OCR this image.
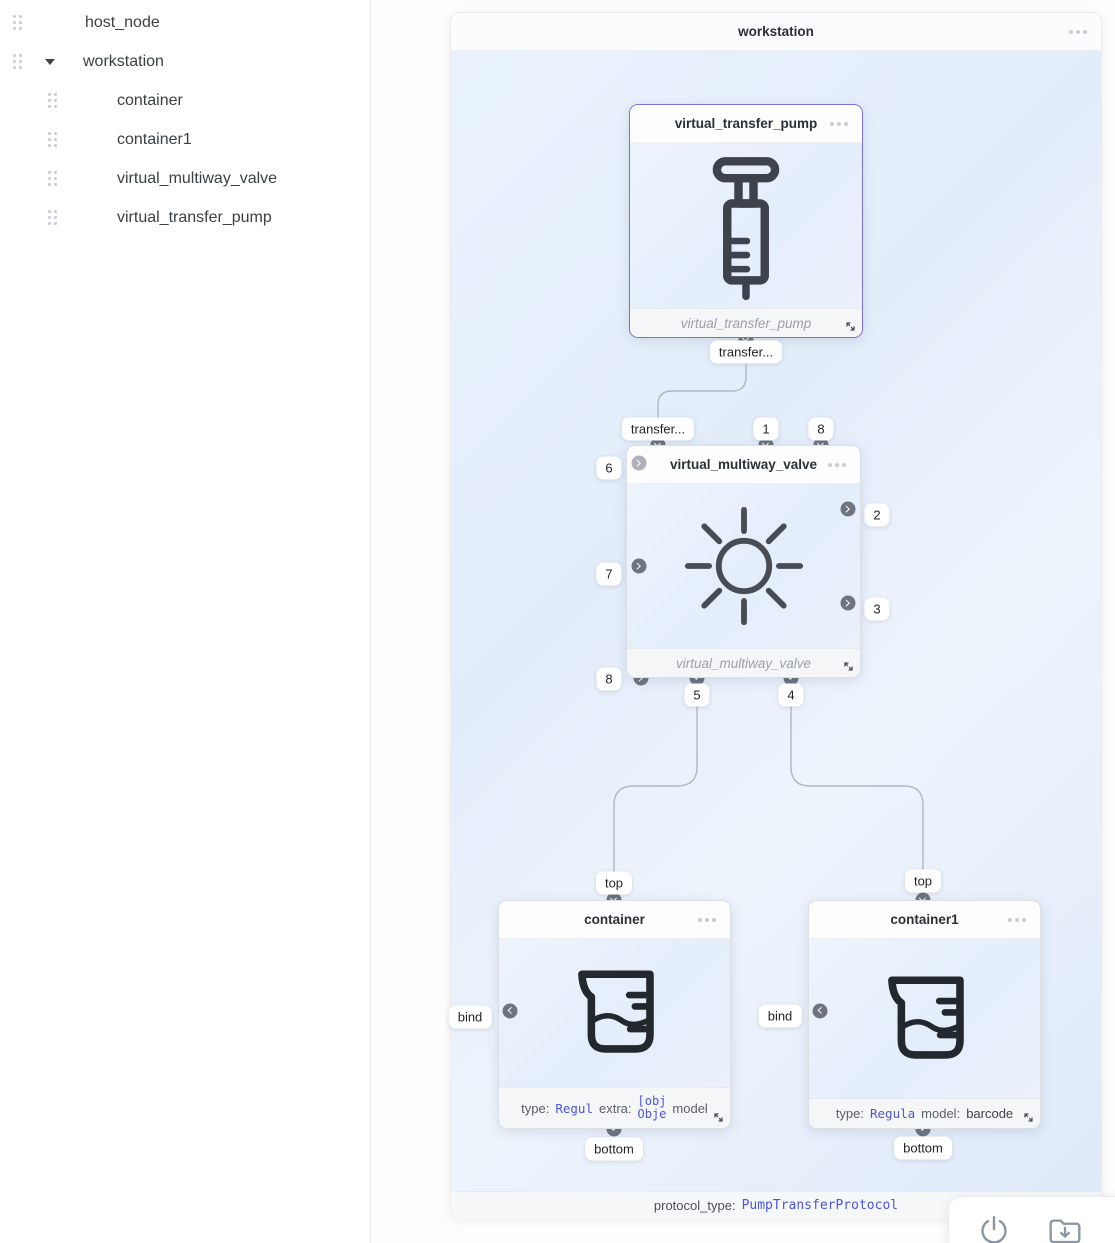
host_node
workstation
container
container1
virtual_multiway_valve
virtual_transfer_pump
workstation
virtual_transfer_pump
virtual_transfer_pump
transfer...
virtual_multiway_valve
virtual_multiway_valve
transfer...	1	8
6
7
8
2
3
5	4
container
type: Regul extra: [obj
Obje model
top
bind
bottom
container1
type: Regula model: barcode
top
bind
bottom
protocol_type: PumpTransferProtocol
